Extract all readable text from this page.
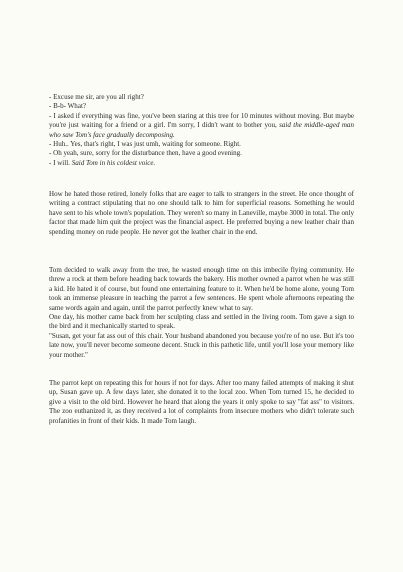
- Excuse me sir, are you all right?

- B-b- What?

- I asked if everything was fine, you've been staring at this tree for 10 minutes without moving. But maybe you're just waiting for a friend or a girl. I'm sorry, I didn't want to bother you, said the middle-aged man who saw Tom's face gradually decomposing.

- Huh.. Yes, that's right, I was just umh, waiting for someone. Right.

- Oh yeah, sure, sorry for the disturbance then, have a good evening.

- I will. Said Tom in his coldest voice.

How he hated those retired, lonely folks that are eager to talk to strangers in the street. He once thought of writing a contract stipulating that no one should talk to him for superficial reasons. Something he would have sent to his whole town's population. They weren't so many in Laneville, maybe 3000 in total. The only factor that made him quit the project was the financial aspect. He preferred buying a new leather chair than spending money on rude people. He never got the leather chair in the end.

Tom decided to walk away from the tree, he wasted enough time on this imbecile flying community. He threw a rock at them before heading back towards the bakery. His mother owned a parrot when he was still a kid. He hated it of course, but found one entertaining feature to it. When he'd be home alone, young Tom took an immense pleasure in teaching the parrot a few sentences. He spent whole afternoons repeating the same words again and again, until the parrot perfectly knew what to say.

One day, his mother came back from her sculpting class and settled in the living room. Tom gave a sign to the bird and it mechanically started to speak.

"Susan, get your fat ass out of this chair. Your husband abandoned you because you're of no use. But it's too late now, you'll never become someone decent. Stuck in this pathetic life, until you'll lose your memory like your mother."

The parrot kept on repeating this for hours if not for days. After too many failed attempts of making it shut up, Susan gave up. A few days later, she donated it to the local zoo. When Tom turned 15, he decided to give a visit to the old bird. However he heard that along the years it only spoke to say "fat ass" to visitors. The zoo euthanized it, as they received a lot of complaints from insecure mothers who didn't tolerate such profanities in front of their kids. It made Tom laugh.
